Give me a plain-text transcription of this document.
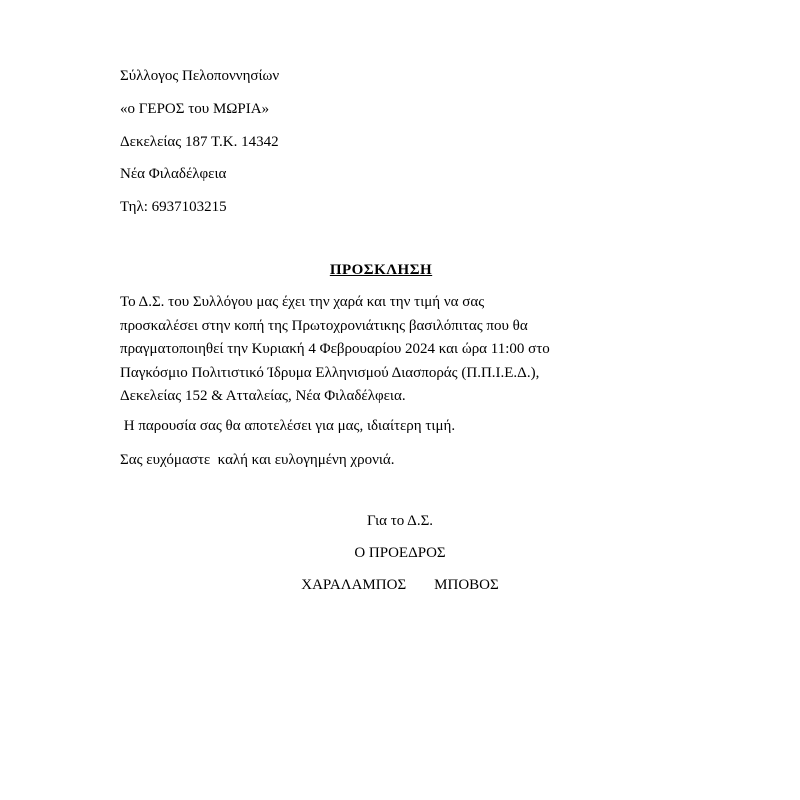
Σύλλογος Πελοποννησίων
«ο ΓΕΡΟΣ του ΜΩΡΙΑ»
Δεκελείας 187 Τ.Κ. 14342
Νέα Φιλαδέλφεια
Τηλ: 6937103215
ΠΡΟΣΚΛΗΣΗ
Το Δ.Σ. του Συλλόγου μας έχει την χαρά και την τιμή να σας
προσκαλέσει στην κοπή της Πρωτοχρονιάτικης βασιλόπιτας που θα
πραγματοποιηθεί την Κυριακή 4 Φεβρουαρίου 2024 και ώρα 11:00 στο
Παγκόσμιο Πολιτιστικό Ίδρυμα Ελληνισμού Διασποράς (Π.Π.Ι.Ε.Δ.),
Δεκελείας 152 & Ατταλείας, Νέα Φιλαδέλφεια.
Η παρουσία σας θα αποτελέσει για μας, ιδιαίτερη τιμή.
Σας ευχόμαστε  καλή και ευλογημένη χρονιά.
Για το Δ.Σ.
Ο ΠΡΟΕΔΡΟΣ
ΧΑΡΑΛΑΜΠΟΣ ΜΠΟΒΟΣ
